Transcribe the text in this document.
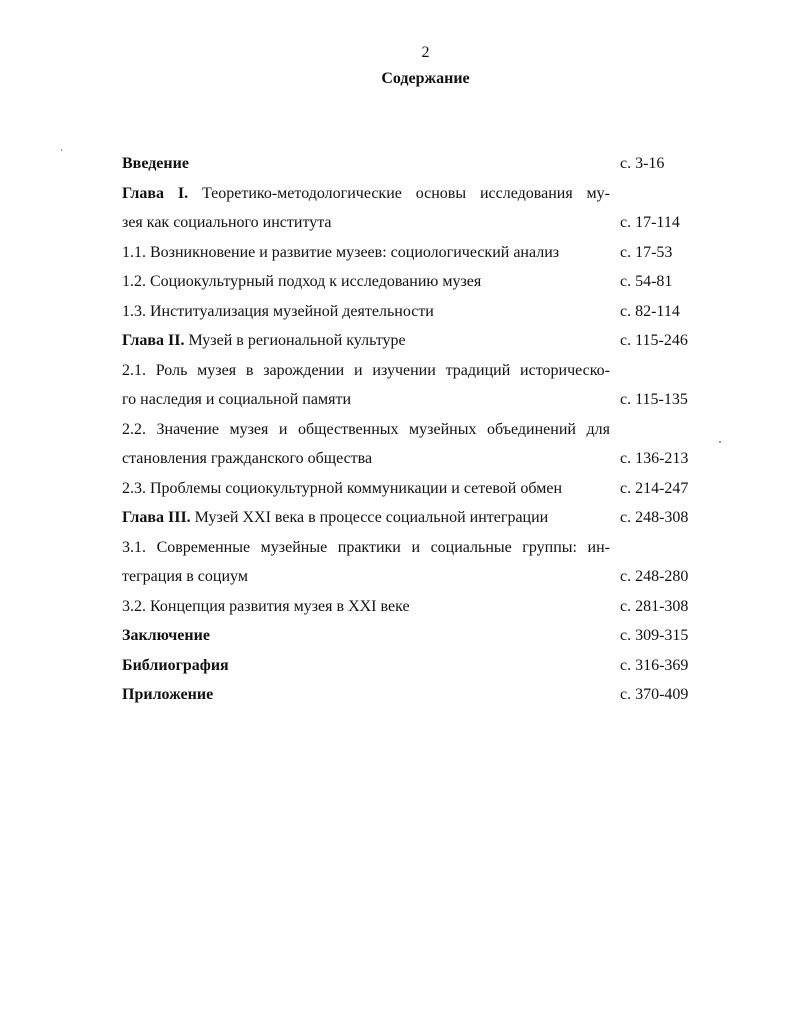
2
Содержание
Введение	с. 3-16
Глава I. Теоретико-методологические основы исследования му-
зея как социального института	с. 17-114
1.1. Возникновение и развитие музеев: социологический анализ	с. 17-53
1.2. Социокультурный подход к исследованию музея	с. 54-81
1.3. Институализация музейной деятельности	с. 82-114
Глава II. Музей в региональной культуре	с. 115-246
2.1. Роль музея в зарождении и изучении традиций историческо-
го наследия и социальной памяти	с. 115-135
2.2. Значение музея и общественных музейных объединений для
становления гражданского общества	с. 136-213
2.3. Проблемы социокультурной коммуникации и сетевой обмен	с. 214-247
Глава III. Музей XXI века в процессе социальной интеграции	с. 248-308
3.1. Современные музейные практики и социальные группы: ин-
теграция в социум	с. 248-280
3.2. Концепция развития музея в XXI веке	с. 281-308
Заключение	с. 309-315
Библиография	с. 316-369
Приложение	с. 370-409
